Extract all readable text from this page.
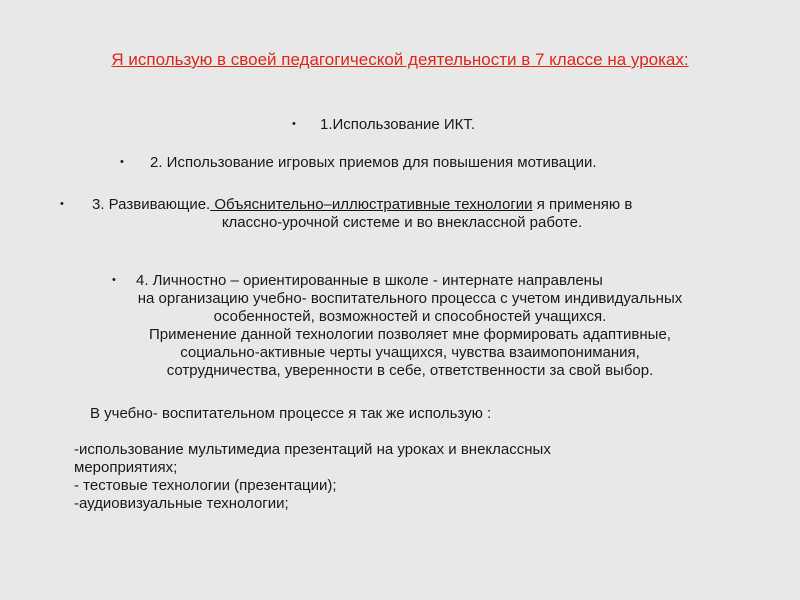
Я использую в своей педагогической деятельности в 7 классе на уроках:
• 1.Использование ИКТ.
• 2. Использование игровых приемов для повышения мотивации.
• 3. Развивающие. Объяснительно–иллюстративные технологии я применяю в
классно-урочной системе и во внеклассной работе.
• 4. Личностно – ориентированные в школе - интернате направлены
на организацию учебно- воспитательного процесса с учетом индивидуальных
особенностей, возможностей и способностей учащихся.
Применение данной технологии позволяет мне формировать адаптивные,
социально-активные черты учащихся, чувства взаимопонимания,
сотрудничества, уверенности в себе, ответственности за свой выбор.
В учебно- воспитательном процессе я так же использую :
-использование мультимедиа презентаций на уроках и внеклассных
мероприятиях;
- тестовые технологии (презентации);
-аудиовизуальные технологии;
